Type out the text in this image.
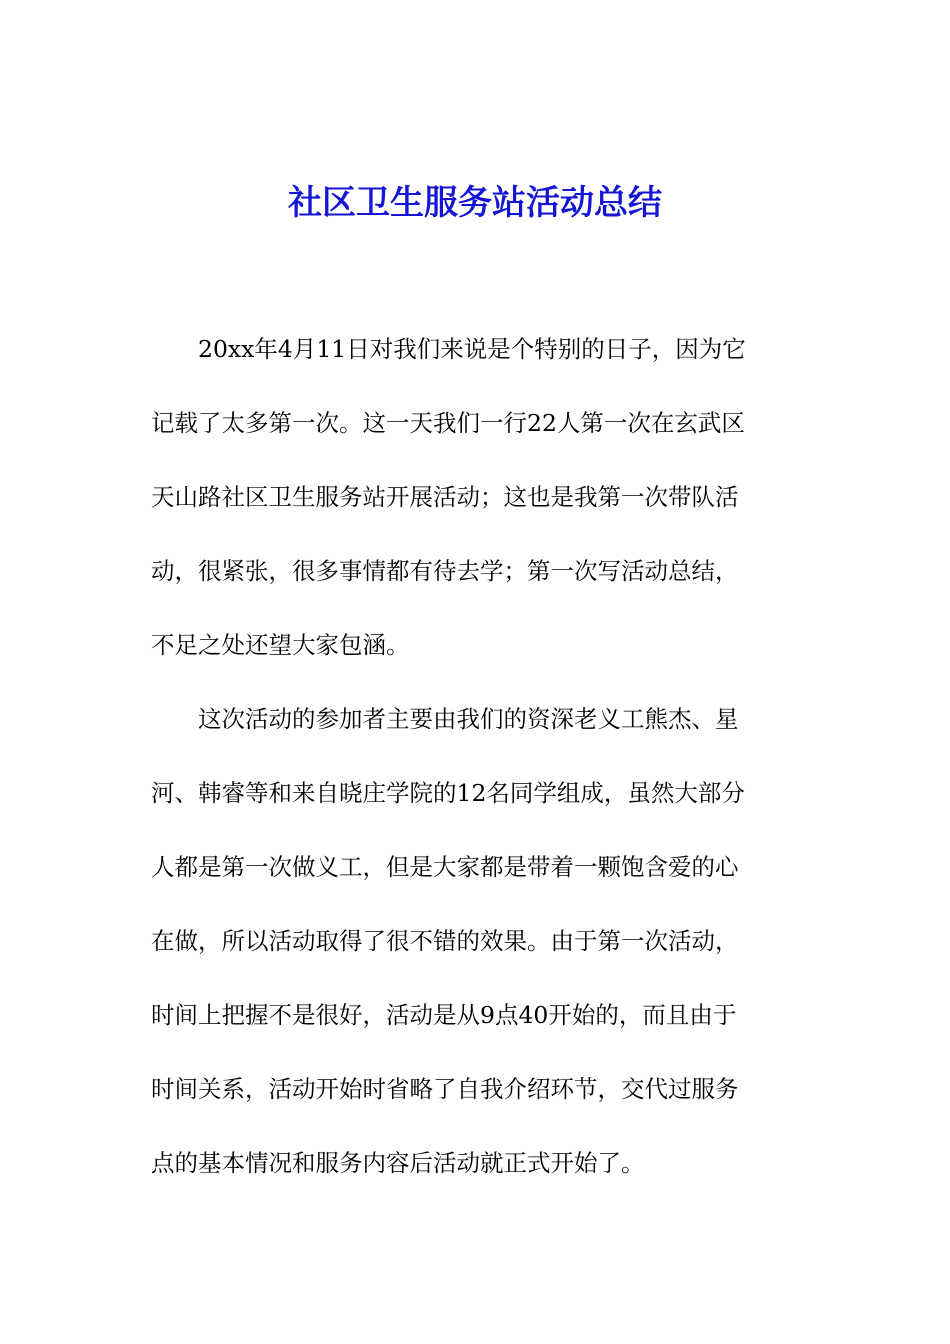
社区卫生服务站活动总结
20xx年4月11日对我们来说是个特别的日子，因为它
记载了太多第一次。这一天我们一行22人第一次在玄武区
天山路社区卫生服务站开展活动；这也是我第一次带队活
动，很紧张，很多事情都有待去学；第一次写活动总结，
不足之处还望大家包涵。
这次活动的参加者主要由我们的资深老义工熊杰、星
河、韩睿等和来自晓庄学院的12名同学组成，虽然大部分
人都是第一次做义工，但是大家都是带着一颗饱含爱的心
在做，所以活动取得了很不错的效果。由于第一次活动，
时间上把握不是很好，活动是从9点40开始的，而且由于
时间关系，活动开始时省略了自我介绍环节，交代过服务
点的基本情况和服务内容后活动就正式开始了。
